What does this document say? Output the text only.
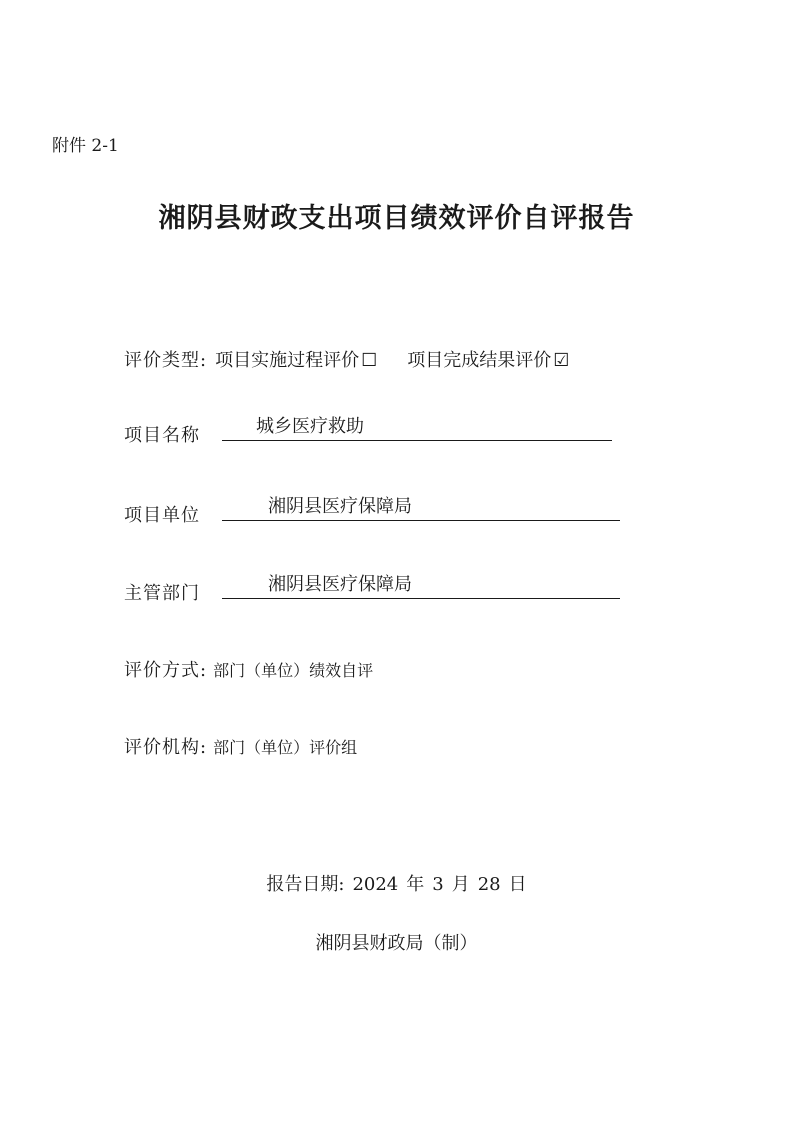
附件 2-1
湘阴县财政支出项目绩效评价自评报告
评价类型: 项目实施过程评价 ☐ 项目完成结果评价 ☑
项目名称	城乡医疗救助
项目单位	湘阴县医疗保障局
主管部门	湘阴县医疗保障局
评价方式: 部门（单位）绩效自评
评价机构: 部门（单位）评价组
报告日期: 2024 年 3 月 28 日
湘阴县财政局（制）
